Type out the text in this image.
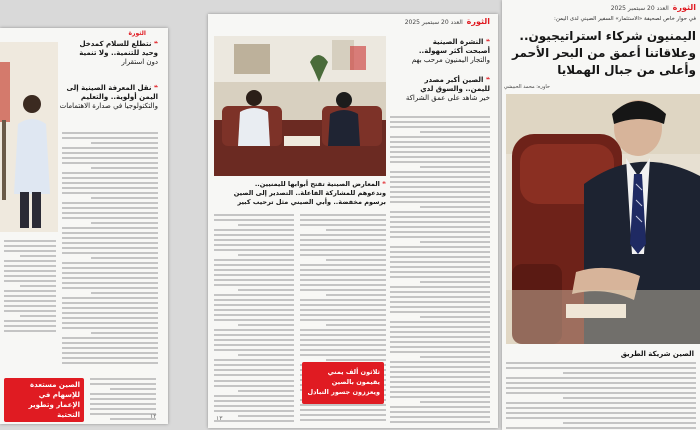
الثورة
❝ نتطلع للسلام كمدخل
وحيد للتنمية.. ولا تنمية
دون استقرار
❝ نقل المعرفة الصينية إلى
اليمن أولوية.. والتعليم
والتكنولوجيا في صدارة الاهتمامات
الصين مستعدة
للإسهام في
الإعمار وتطوير
التحتية	١٢
الثورة  العدد 20 سبتمبر 2025
❝ النشرة الصينية
أصبحت أكثر سهولة..
والتجار اليمنيون مرحب بهم
❝ الصين أكبر مصدر
لليمن.. والسوق لدي
خير شاهد على عمق الشراكة
❝ المعارض الصينية تفتح أبوابها لليمنيين..
وندعوهم للمشاركة الفاعلة.. التصدير إلى الصين
برسوم مخفضة.. وأبي الصيني مثل ترحيب كبير
ثلاثون ألف يمني
يقيمون بالصين
ويعززون جسور التبادل
١٣
الثورة  العدد 20 سبتمبر 2025
في حوار خاص لصحيفة «الاستثمار» السفير الصيني لدى اليمن:
اليمنيون شركاء استراتيجيون..
وعلاقاتنا أعمق من البحر الأحمر
وأعلى من جبال الهملايا
حاوره: محمد الحبيشي
الصين شريكة الطريق
